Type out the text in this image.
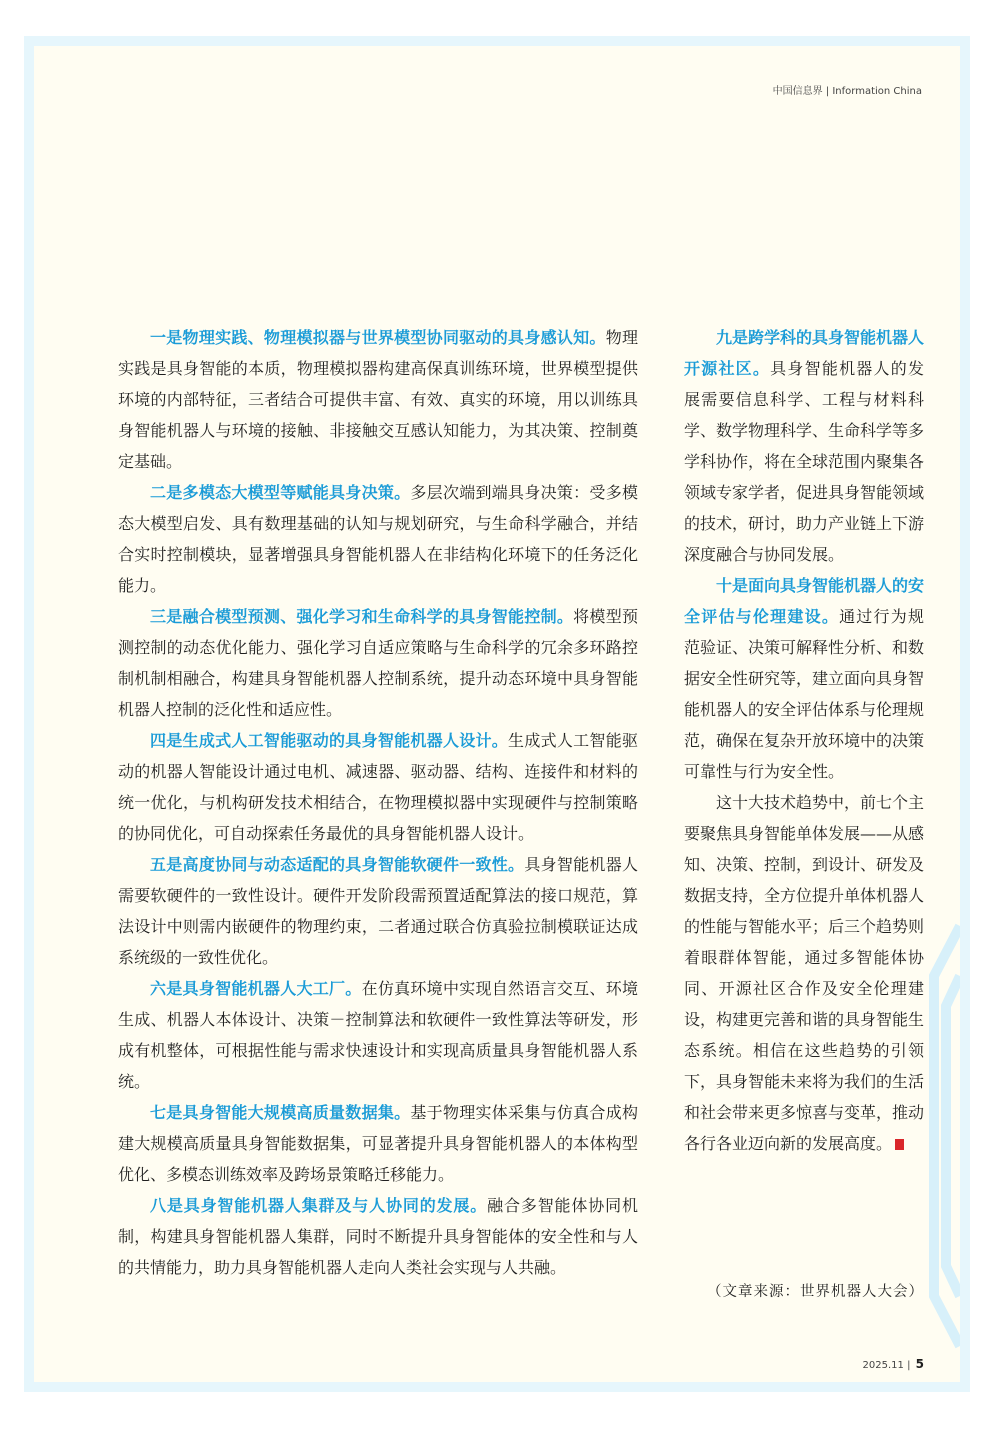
中国信息界 | Information China

一是物理实践、物理模拟器与世界模型协同驱动的具身感认知。物理实践是具身智能的本质，物理模拟器构建高保真训练环境，世界模型提供环境的内部特征，三者结合可提供丰富、有效、真实的环境，用以训练具身智能机器人与环境的接触、非接触交互感认知能力，为其决策、控制奠定基础。

二是多模态大模型等赋能具身决策。多层次端到端具身决策：受多模态大模型启发、具有数理基础的认知与规划研究，与生命科学融合，并结合实时控制模块，显著增强具身智能机器人在非结构化环境下的任务泛化能力。

三是融合模型预测、强化学习和生命科学的具身智能控制。将模型预测控制的动态优化能力、强化学习自适应策略与生命科学的冗余多环路控制机制相融合，构建具身智能机器人控制系统，提升动态环境中具身智能机器人控制的泛化性和适应性。

四是生成式人工智能驱动的具身智能机器人设计。生成式人工智能驱动的机器人智能设计通过电机、减速器、驱动器、结构、连接件和材料的统一优化，与机构研发技术相结合，在物理模拟器中实现硬件与控制策略的协同优化，可自动探索任务最优的具身智能机器人设计。

五是高度协同与动态适配的具身智能软硬件一致性。具身智能机器人需要软硬件的一致性设计。硬件开发阶段需预置适配算法的接口规范，算法设计中则需内嵌硬件的物理约束，二者通过联合仿真验拉制模联证达成系统级的一致性优化。

六是具身智能机器人大工厂。在仿真环境中实现自然语言交互、环境生成、机器人本体设计、决策－控制算法和软硬件一致性算法等研发，形成有机整体，可根据性能与需求快速设计和实现高质量具身智能机器人系统。

七是具身智能大规模高质量数据集。基于物理实体采集与仿真合成构建大规模高质量具身智能数据集，可显著提升具身智能机器人的本体构型优化、多模态训练效率及跨场景策略迁移能力。

八是具身智能机器人集群及与人协同的发展。融合多智能体协同机制，构建具身智能机器人集群，同时不断提升具身智能体的安全性和与人的共情能力，助力具身智能机器人走向人类社会实现与人共融。

九是跨学科的具身智能机器人开源社区。具身智能机器人的发展需要信息科学、工程与材料科学、数学物理科学、生命科学等多学科协作，将在全球范围内聚集各领域专家学者，促进具身智能领域的技术，研讨，助力产业链上下游深度融合与协同发展。

十是面向具身智能机器人的安全评估与伦理建设。通过行为规范验证、决策可解释性分析、和数据安全性研究等，建立面向具身智能机器人的安全评估体系与伦理规范，确保在复杂开放环境中的决策可靠性与行为安全性。

这十大技术趋势中，前七个主要聚焦具身智能单体发展——从感知、决策、控制，到设计、研发及数据支持，全方位提升单体机器人的性能与智能水平；后三个趋势则着眼群体智能，通过多智能体协同、开源社区合作及安全伦理建设，构建更完善和谐的具身智能生态系统。相信在这些趋势的引领下，具身智能未来将为我们的生活和社会带来更多惊喜与变革，推动各行各业迈向新的发展高度。

（文章来源：世界机器人大会）
2025.11 | 5
